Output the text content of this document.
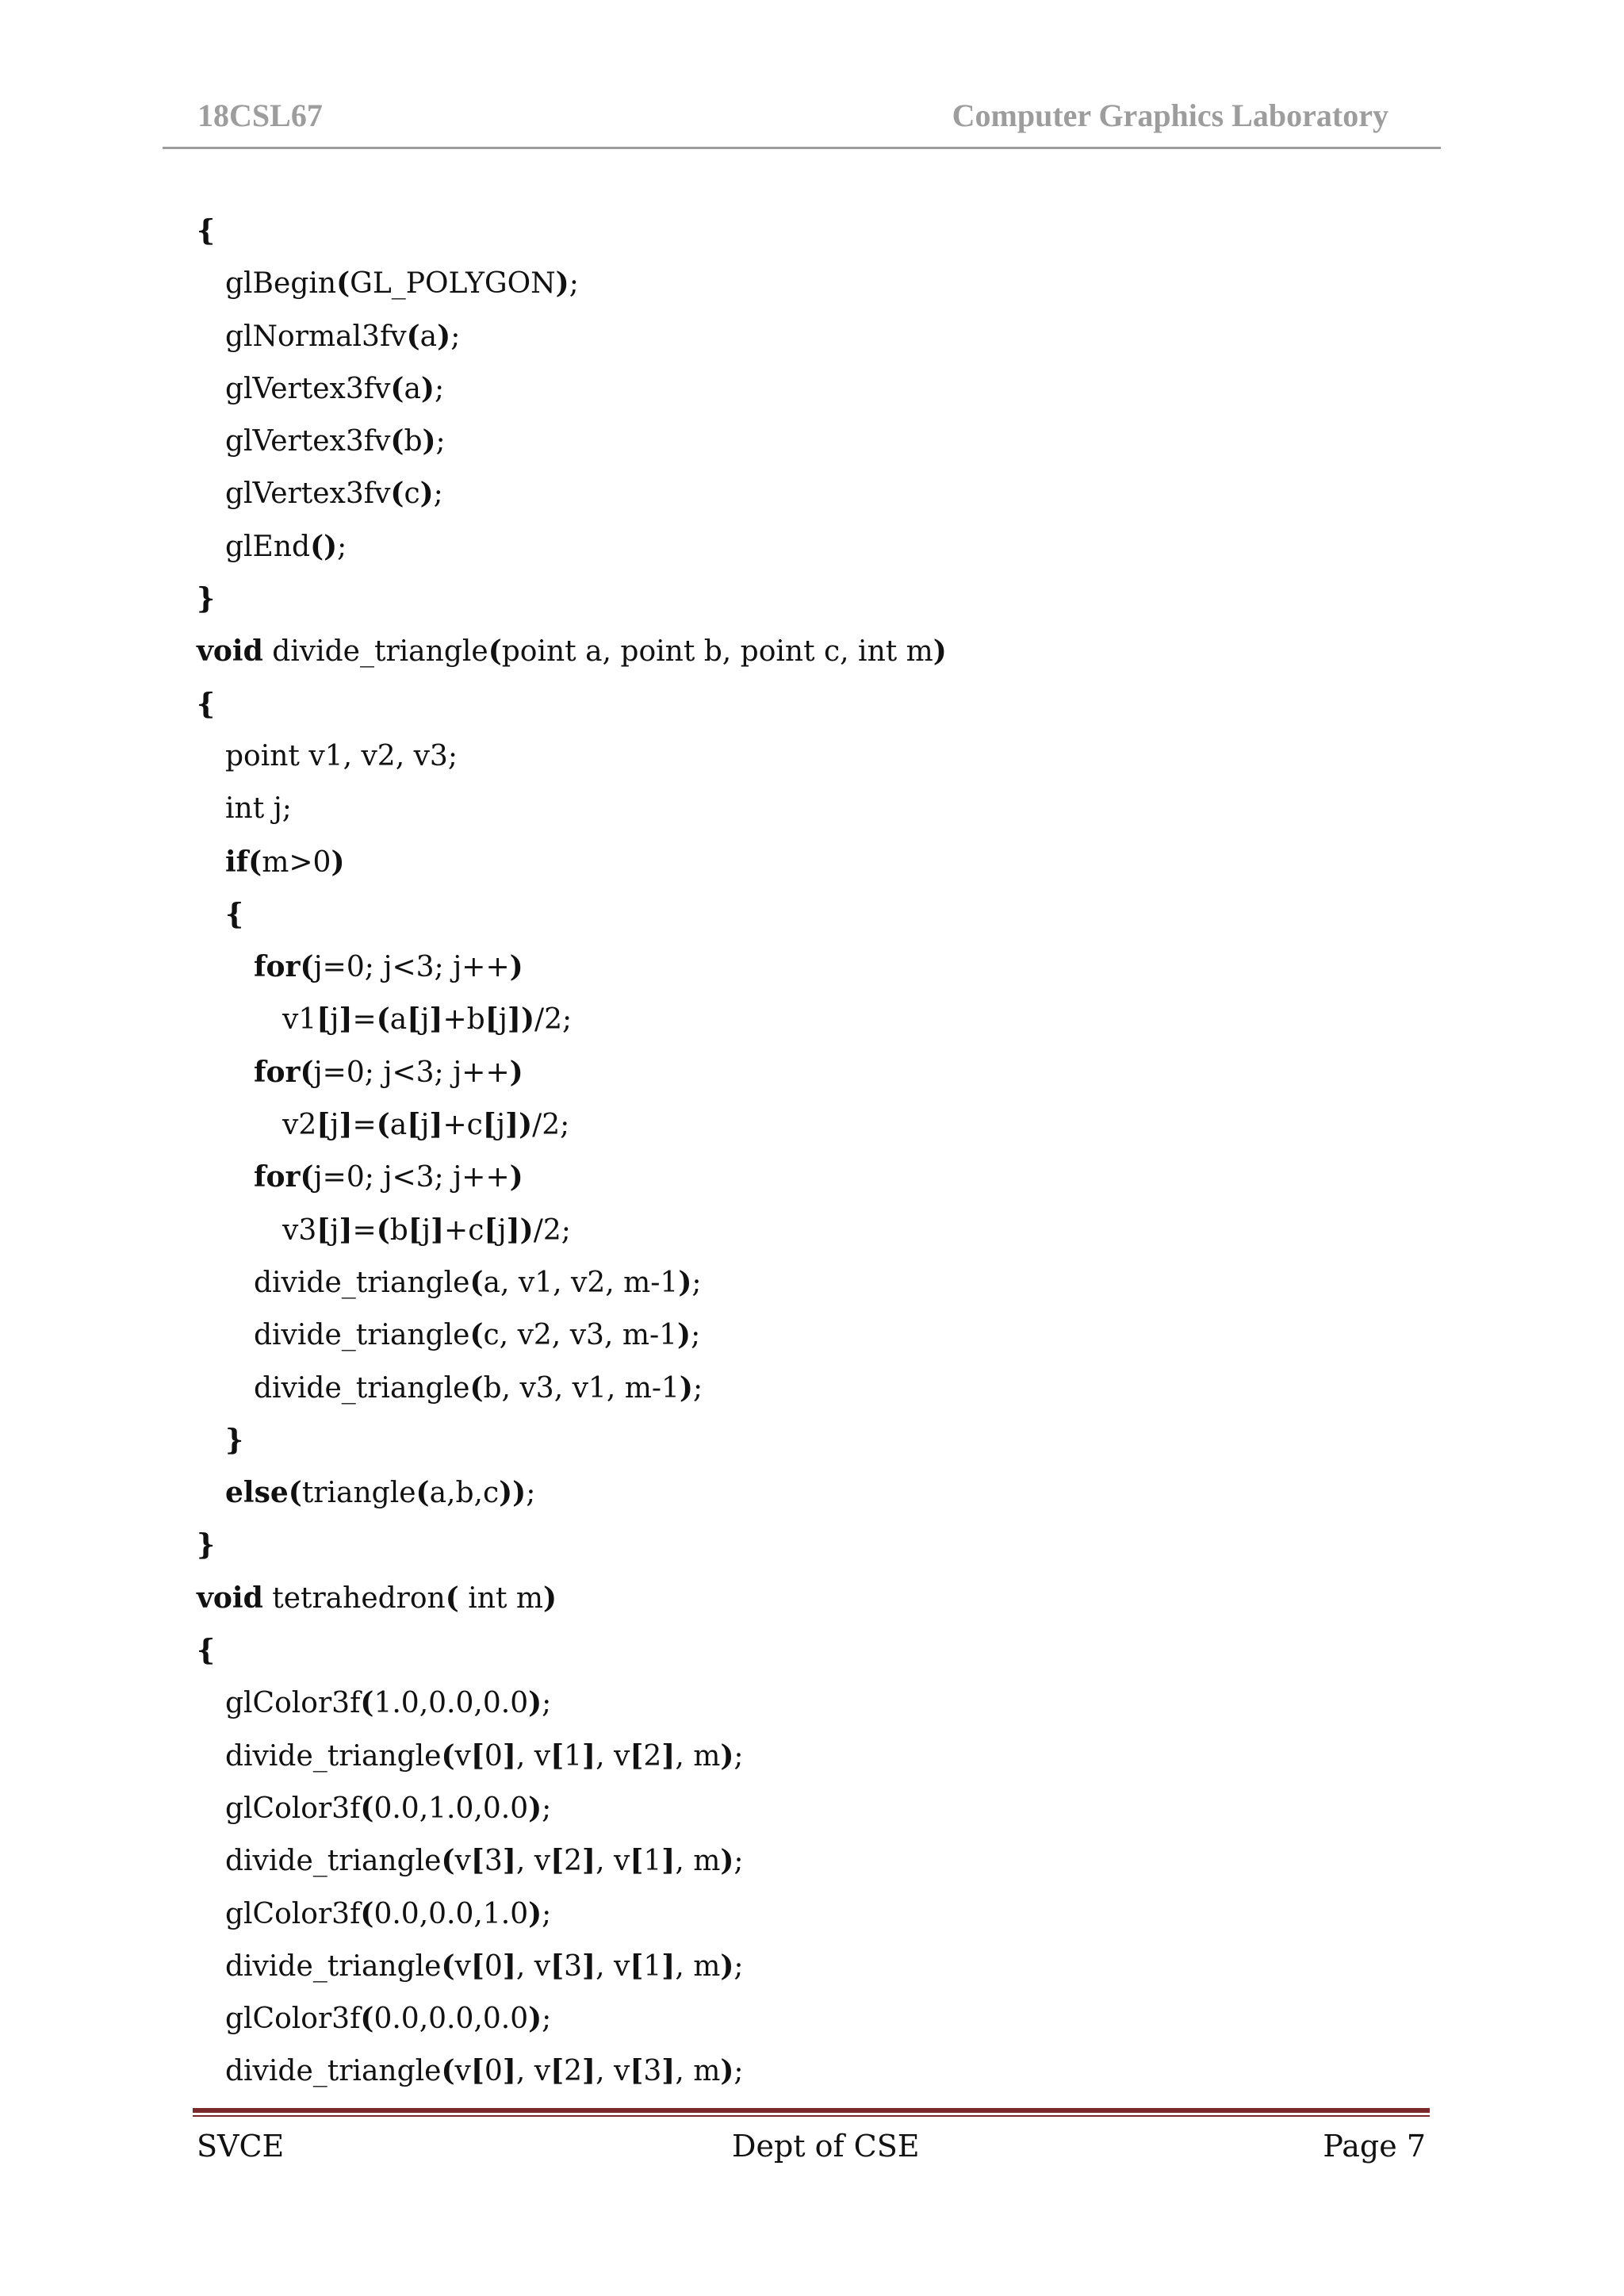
18CSL67	Computer Graphics Laboratory
{
glBegin(GL_POLYGON);
glNormal3fv(a);
glVertex3fv(a);
glVertex3fv(b);
glVertex3fv(c);
glEnd();
}
void divide_triangle(point a, point b, point c, int m)
{
point v1, v2, v3;
int j;
if(m>0)
{
for(j=0; j<3; j++)
v1[j]=(a[j]+b[j])/2;
for(j=0; j<3; j++)
v2[j]=(a[j]+c[j])/2;
for(j=0; j<3; j++)
v3[j]=(b[j]+c[j])/2;
divide_triangle(a, v1, v2, m-1);
divide_triangle(c, v2, v3, m-1);
divide_triangle(b, v3, v1, m-1);
}
else(triangle(a,b,c));
}
void tetrahedron( int m)
{
glColor3f(1.0,0.0,0.0);
divide_triangle(v[0], v[1], v[2], m);
glColor3f(0.0,1.0,0.0);
divide_triangle(v[3], v[2], v[1], m);
glColor3f(0.0,0.0,1.0);
divide_triangle(v[0], v[3], v[1], m);
glColor3f(0.0,0.0,0.0);
divide_triangle(v[0], v[2], v[3], m);
SVCE	Dept of CSE	Page 7
